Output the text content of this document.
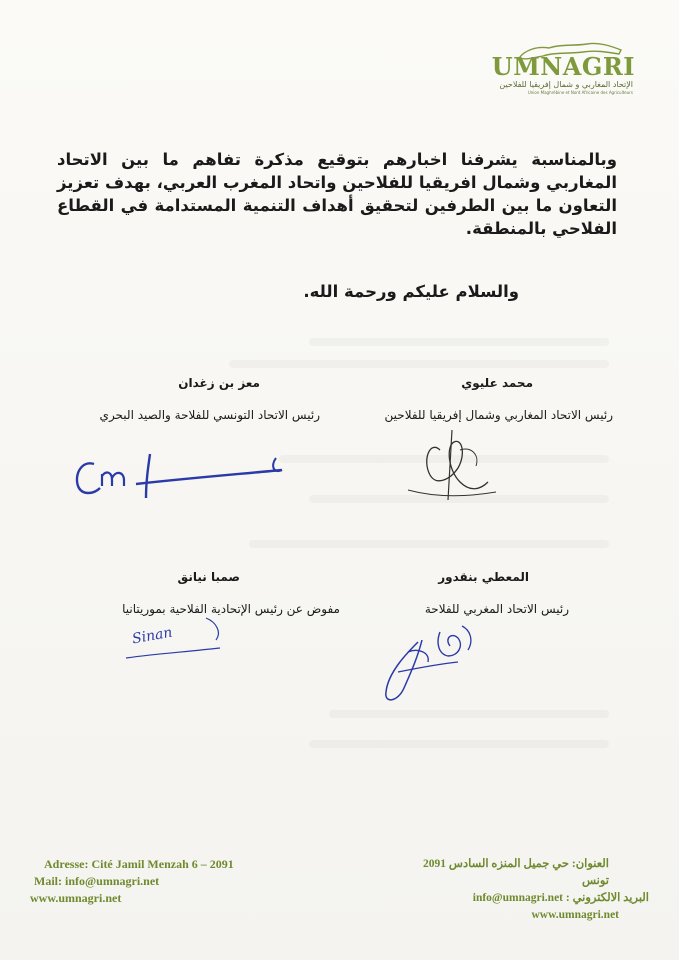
UMNAGRI
الإتحاد المغاربي و شمال إفريقيا للفلاحين
Union Maghrébine et Nord Africaine des Agriculteurs

وبالمناسبة يشرفنا اخبارهم بتوقيع مذكرة تفاهم ما بين الاتحاد المغاربي وشمال افريقيا للفلاحين واتحاد المغرب العربي، بهدف تعزيز التعاون ما بين الطرفين لتحقيق أهداف التنمية المستدامة في القطاع الفلاحي بالمنطقة.

والسلام عليكم ورحمة الله.
محمد عليوي
رئيس الاتحاد المغاربي وشمال إفريقيا للفلاحين
معز بن زغدان
رئيس الاتحاد التونسي للفلاحة والصيد البحري
المعطي بنقدور
رئيس الاتحاد المغربي للفلاحة
صمبا نيانق
مفوض عن رئيس الإتحادية الفلاحية بموريتانيا
Sinan
Adresse: Cité Jamil Menzah 6 – 2091
Mail: info@umnagri.net
www.umnagri.net
العنوان: حي جميل المنزه السادس 2091 تونس
البريد الالكتروني : info@umnagri.net
www.umnagri.net
